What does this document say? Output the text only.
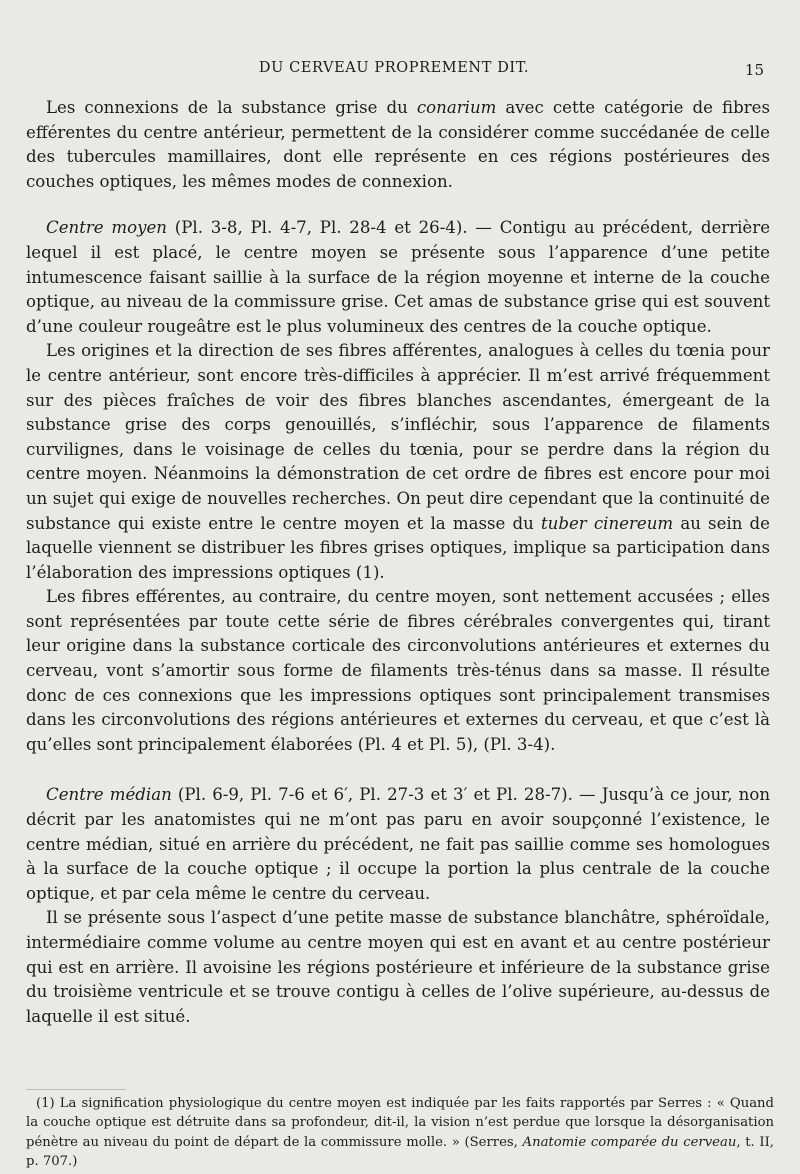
DU CERVEAU PROPREMENT DIT.	15

Les connexions de la substance grise du conarium avec cette catégorie de fibres efférentes du centre antérieur, permettent de la considérer comme succédanée de celle des tubercules mamillaires, dont elle représente en ces régions postérieures des couches optiques, les mêmes modes de connexion.

Centre moyen (Pl. 3-8, Pl. 4-7, Pl. 28-4 et 26-4). — Contigu au précédent, derrière lequel il est placé, le centre moyen se présente sous l’apparence d’une petite intumescence faisant saillie à la surface de la région moyenne et interne de la couche optique, au niveau de la commissure grise. Cet amas de substance grise qui est souvent d’une couleur rougeâtre est le plus volumineux des centres de la couche optique.

Les origines et la direction de ses fibres afférentes, analogues à celles du tœnia pour le centre antérieur, sont encore très-difficiles à apprécier. Il m’est arrivé fréquemment sur des pièces fraîches de voir des fibres blanches ascendantes, émergeant de la substance grise des corps genouillés, s’infléchir, sous l’apparence de filaments curvilignes, dans le voisinage de celles du tœnia, pour se perdre dans la région du centre moyen. Néanmoins la démonstration de cet ordre de fibres est encore pour moi un sujet qui exige de nouvelles recherches. On peut dire cependant que la continuité de substance qui existe entre le centre moyen et la masse du tuber cinereum au sein de laquelle viennent se distribuer les fibres grises optiques, implique sa participation dans l’élaboration des impressions optiques (1).

Les fibres efférentes, au contraire, du centre moyen, sont nettement accusées ; elles sont représentées par toute cette série de fibres cérébrales convergentes qui, tirant leur origine dans la substance corticale des circonvolutions antérieures et externes du cerveau, vont s’amortir sous forme de filaments très-ténus dans sa masse. Il résulte donc de ces connexions que les impressions optiques sont principalement transmises dans les circonvolutions des régions antérieures et externes du cerveau, et que c’est là qu’elles sont principalement élaborées (Pl. 4 et Pl. 5), (Pl. 3-4).

Centre médian (Pl. 6-9, Pl. 7-6 et 6′, Pl. 27-3 et 3′ et Pl. 28-7). — Jusqu’à ce jour, non décrit par les anatomistes qui ne m’ont pas paru en avoir soupçonné l’existence, le centre médian, situé en arrière du précédent, ne fait pas saillie comme ses homologues à la surface de la couche optique ; il occupe la portion la plus centrale de la couche optique, et par cela même le centre du cerveau.

Il se présente sous l’aspect d’une petite masse de substance blanchâtre, sphéroïdale, intermédiaire comme volume au centre moyen qui est en avant et au centre postérieur qui est en arrière. Il avoisine les régions postérieure et inférieure de la substance grise du troisième ventricule et se trouve contigu à celles de l’olive supérieure, au-dessus de laquelle il est situé.

(1) La signification physiologique du centre moyen est indiquée par les faits rapportés par Serres : « Quand la couche optique est détruite dans sa profondeur, dit-il, la vision n’est perdue que lorsque la désorganisation pénètre au niveau du point de départ de la commissure molle. » (Serres, Anatomie comparée du cerveau, t. II, p. 707.)
